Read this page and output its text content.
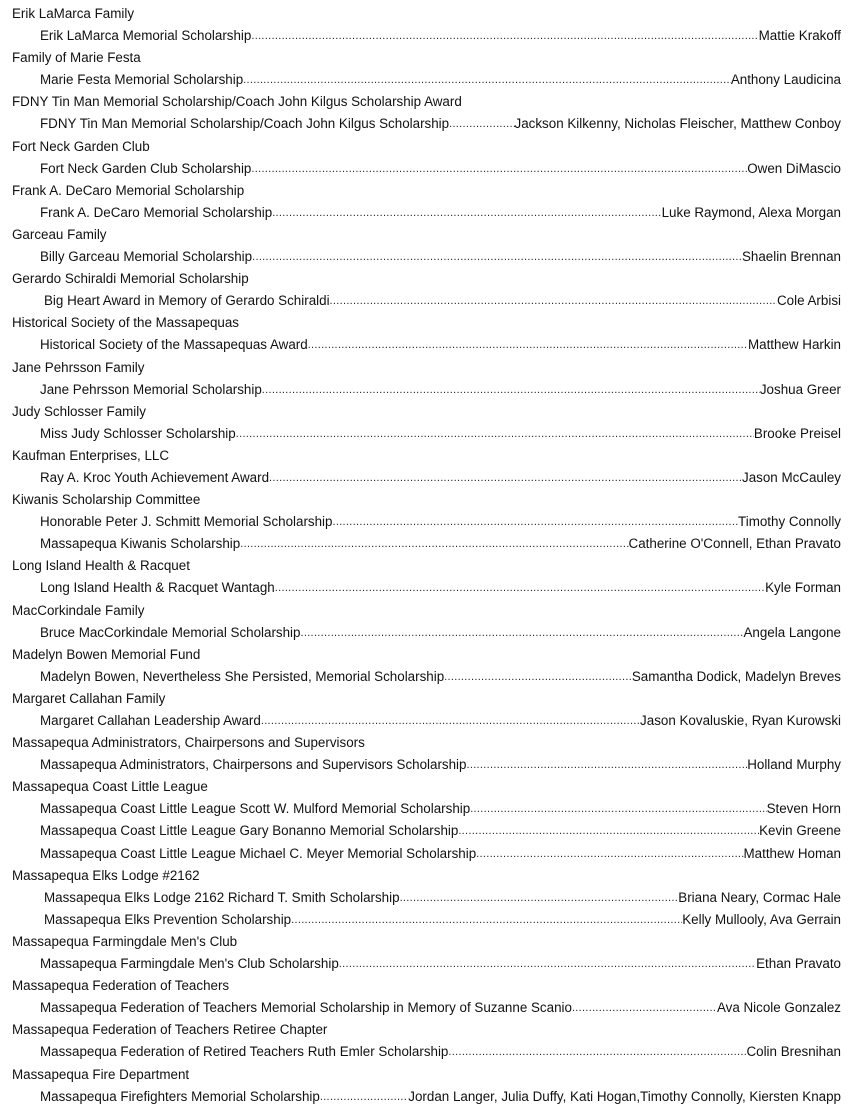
Erik LaMarca Family
Erik LaMarca Memorial Scholarship .....	Mattie Krakoff
Family of Marie Festa
Marie Festa Memorial Scholarship .....	Anthony Laudicina
FDNY Tin Man Memorial Scholarship/Coach John Kilgus Scholarship Award
FDNY Tin Man Memorial Scholarship/Coach John Kilgus Scholarship .....	Jackson Kilkenny, Nicholas Fleischer, Matthew Conboy
Fort Neck Garden Club
Fort Neck Garden Club Scholarship .....	Owen DiMascio
Frank A. DeCaro Memorial Scholarship
Frank A. DeCaro Memorial Scholarship .....	Luke Raymond, Alexa Morgan
Garceau Family
Billy Garceau Memorial Scholarship .....	Shaelin Brennan
Gerardo Schiraldi Memorial Scholarship
Big Heart Award in Memory of Gerardo Schiraldi .....	Cole Arbisi
Historical Society of the Massapequas
Historical Society of the Massapequas Award .....	Matthew Harkin
Jane Pehrsson Family
Jane Pehrsson Memorial Scholarship .....	Joshua Greer
Judy Schlosser Family
Miss Judy Schlosser Scholarship .....	Brooke Preisel
Kaufman Enterprises, LLC
Ray A. Kroc Youth Achievement Award .....	Jason McCauley
Kiwanis Scholarship Committee
Honorable Peter J. Schmitt Memorial Scholarship .....	Timothy Connolly
Massapequa Kiwanis Scholarship .....	Catherine O'Connell, Ethan Pravato
Long Island Health & Racquet
Long Island Health & Racquet Wantagh .....	Kyle Forman
MacCorkindale Family
Bruce MacCorkindale Memorial Scholarship .....	Angela Langone
Madelyn Bowen Memorial Fund
Madelyn Bowen, Nevertheless She Persisted, Memorial Scholarship .....	Samantha Dodick, Madelyn Breves
Margaret Callahan Family
Margaret Callahan Leadership Award .....	Jason Kovaluskie, Ryan Kurowski
Massapequa Administrators, Chairpersons and Supervisors
Massapequa Administrators, Chairpersons and Supervisors Scholarship .....	Holland Murphy
Massapequa Coast Little League
Massapequa Coast Little League Scott W. Mulford Memorial Scholarship .....	Steven Horn
Massapequa Coast Little League Gary Bonanno Memorial Scholarship .....	Kevin Greene
Massapequa Coast Little League Michael C. Meyer Memorial Scholarship .....	Matthew Homan
Massapequa Elks Lodge #2162
Massapequa Elks Lodge 2162 Richard T. Smith Scholarship .....	Briana Neary, Cormac Hale
Massapequa Elks Prevention Scholarship .....	Kelly Mullooly, Ava Gerrain
Massapequa Farmingdale Men's Club
Massapequa Farmingdale Men's Club Scholarship .....	Ethan Pravato
Massapequa Federation of Teachers
Massapequa Federation of Teachers Memorial Scholarship in Memory of Suzanne Scanio .....	Ava Nicole Gonzalez
Massapequa Federation of Teachers Retiree Chapter
Massapequa Federation of Retired Teachers Ruth Emler Scholarship .....	Colin Bresnihan
Massapequa Fire Department
Massapequa Firefighters Memorial Scholarship .....	Jordan Langer, Julia Duffy, Kati Hogan,Timothy Connolly, Kiersten Knapp
